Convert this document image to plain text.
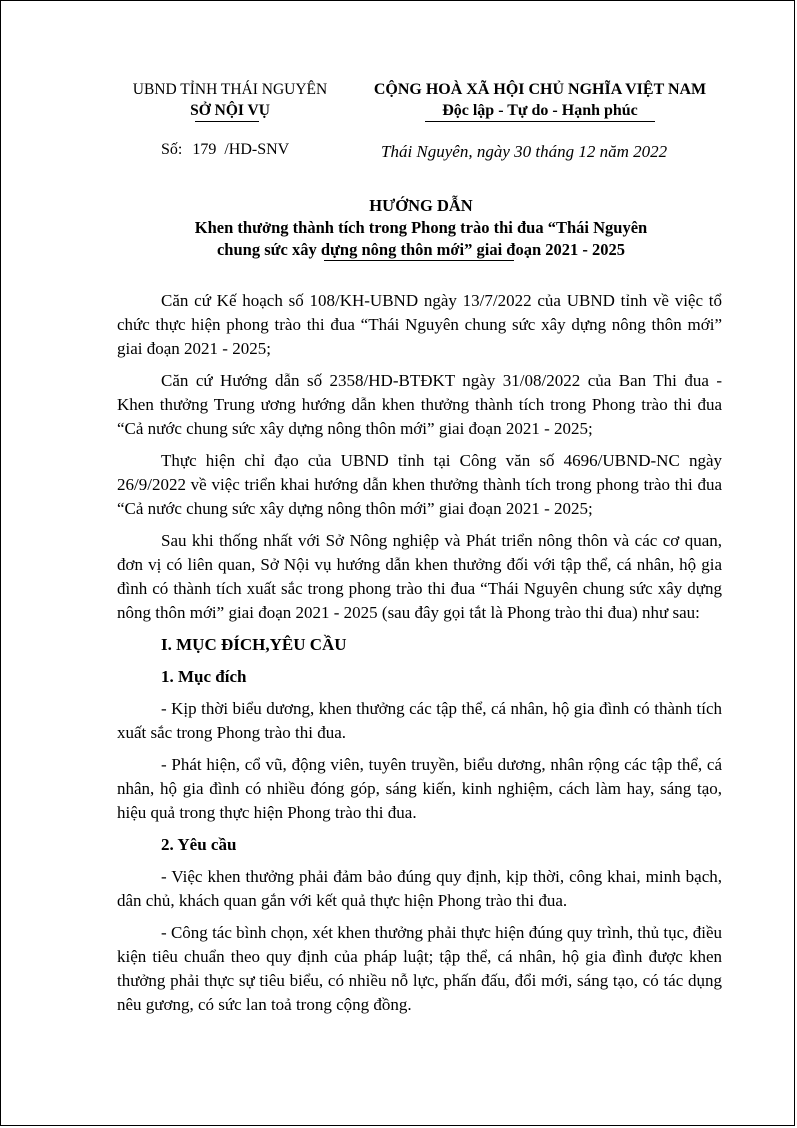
UBND TỈNH THÁI NGUYÊN
SỞ NỘI VỤ
CỘNG HOÀ XÃ HỘI CHỦ NGHĨA VIỆT NAM
Độc lập - Tự do - Hạnh phúc
Số: 179 /HD-SNV	Thái Nguyên, ngày 30 tháng 12 năm 2022
HƯỚNG DẪN
Khen thưởng thành tích trong Phong trào thi đua “Thái Nguyên
chung sức xây dựng nông thôn mới” giai đoạn 2021 - 2025

Căn cứ Kế hoạch số 108/KH-UBND ngày 13/7/2022 của UBND tỉnh về việc tổ chức thực hiện phong trào thi đua “Thái Nguyên chung sức xây dựng nông thôn mới” giai đoạn 2021 - 2025;

Căn cứ Hướng dẫn số 2358/HD-BTĐKT ngày 31/08/2022 của Ban Thi đua - Khen thưởng Trung ương hướng dẫn khen thưởng thành tích trong Phong trào thi đua “Cả nước chung sức xây dựng nông thôn mới” giai đoạn 2021 - 2025;

Thực hiện chỉ đạo của UBND tỉnh tại Công văn số 4696/UBND-NC ngày 26/9/2022 về việc triển khai hướng dẫn khen thưởng thành tích trong phong trào thi đua “Cả nước chung sức xây dựng nông thôn mới” giai đoạn 2021 - 2025;

Sau khi thống nhất với Sở Nông nghiệp và Phát triển nông thôn và các cơ quan, đơn vị có liên quan, Sở Nội vụ hướng dẫn khen thưởng đối với tập thể, cá nhân, hộ gia đình có thành tích xuất sắc trong phong trào thi đua “Thái Nguyên chung sức xây dựng nông thôn mới” giai đoạn 2021 - 2025 (sau đây gọi tắt là Phong trào thi đua) như sau:

I. MỤC ĐÍCH,YÊU CẦU
1. Mục đích

- Kịp thời biểu dương, khen thưởng các tập thể, cá nhân, hộ gia đình có thành tích xuất sắc trong Phong trào thi đua.

- Phát hiện, cổ vũ, động viên, tuyên truyền, biểu dương, nhân rộng các tập thể, cá nhân, hộ gia đình có nhiều đóng góp, sáng kiến, kinh nghiệm, cách làm hay, sáng tạo, hiệu quả trong thực hiện Phong trào thi đua.

2. Yêu cầu

- Việc khen thưởng phải đảm bảo đúng quy định, kịp thời, công khai, minh bạch, dân chủ, khách quan gắn với kết quả thực hiện Phong trào thi đua.

- Công tác bình chọn, xét khen thưởng phải thực hiện đúng quy trình, thủ tục, điều kiện tiêu chuẩn theo quy định của pháp luật; tập thể, cá nhân, hộ gia đình được khen thưởng phải thực sự tiêu biểu, có nhiều nỗ lực, phấn đấu, đổi mới, sáng tạo, có tác dụng nêu gương, có sức lan toả trong cộng đồng.
